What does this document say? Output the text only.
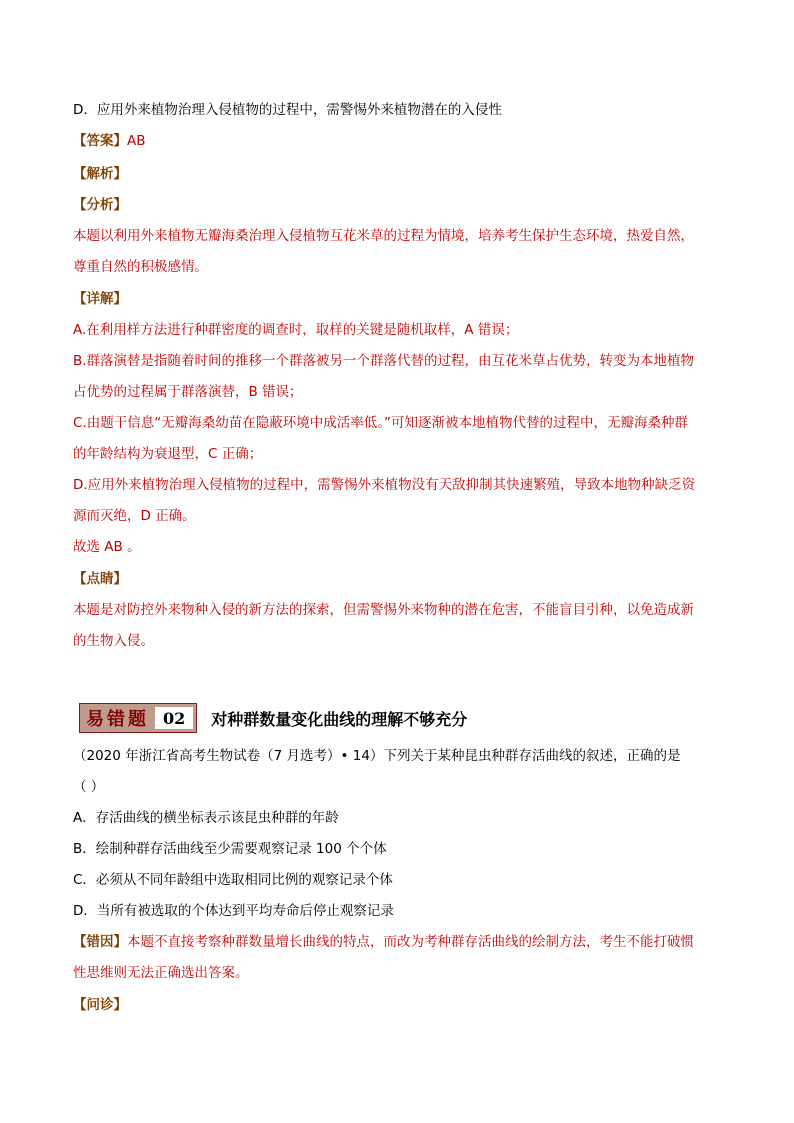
D．应用外来植物治理入侵植物的过程中，需警惕外来植物潜在的入侵性
【答案】AB
【解析】
【分析】
本题以利用外来植物无瓣海桑治理入侵植物互花米草的过程为情境，培养考生保护生态环境，热爱自然，
尊重自然的积极感情。
【详解】
A.在利用样方法进行种群密度的调查时，取样的关键是随机取样，A 错误；
B.群落演替是指随着时间的推移一个群落被另一个群落代替的过程，由互花米草占优势，转变为本地植物
占优势的过程属于群落演替，B 错误；
C.由题干信息“无瓣海桑幼苗在隐蔽环境中成活率低。”可知逐渐被本地植物代替的过程中，无瓣海桑种群
的年龄结构为衰退型，C 正确；
D.应用外来植物治理入侵植物的过程中，需警惕外来植物没有天敌抑制其快速繁殖，导致本地物种缺乏资
源而灭绝，D 正确。
故选 AB 。
【点睛】
本题是对防控外来物种入侵的新方法的探索，但需警惕外来物种的潜在危害，不能盲目引种，以免造成新
的生物入侵。
易错题 02	对种群数量变化曲线的理解不够充分
（2020 年浙江省高考生物试卷（7 月选考）• 14）下列关于某种昆虫种群存活曲线的叙述，正确的是
（ ）
A．存活曲线的横坐标表示该昆虫种群的年龄
B．绘制种群存活曲线至少需要观察记录 100 个个体
C．必须从不同年龄组中选取相同比例的观察记录个体
D．当所有被选取的个体达到平均寿命后停止观察记录
【错因】本题不直接考察种群数量增长曲线的特点，而改为考种群存活曲线的绘制方法，考生不能打破惯
性思维则无法正确选出答案。
【问诊】
